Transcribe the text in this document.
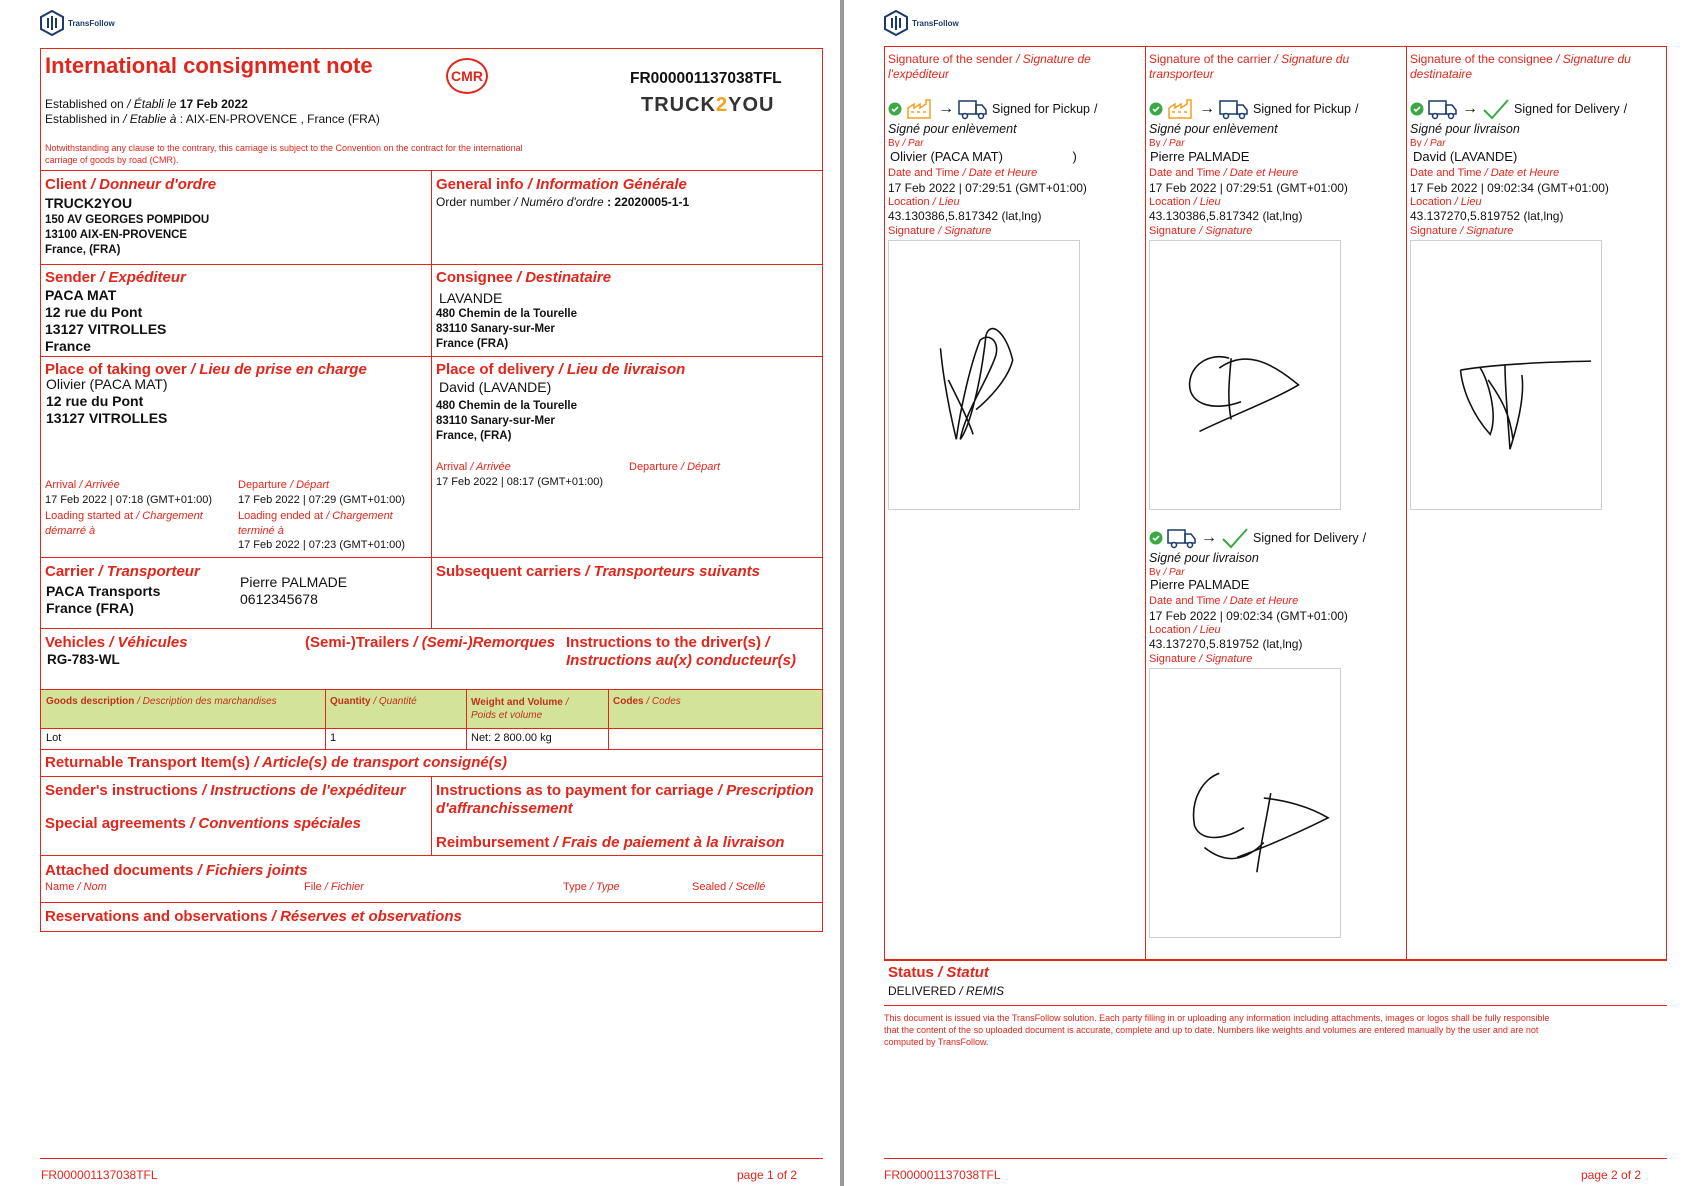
TransFollow
International consignment note	CMR	FR000001137038TFL
TRUCK2YOU
Established on / Établi le 17 Feb 2022
Established in / Etablie à : AIX-EN-PROVENCE , France (FRA)
Notwithstanding any clause to the contrary, this carriage is subject to the Convention on the contract for the international
carriage of goods by road (CMR).
Client / Donneur d'ordre
TRUCK2YOU
150 AV GEORGES POMPIDOU
13100 AIX-EN-PROVENCE
France, (FRA)
General info / Information Générale
Order number / Numéro d'ordre : 22020005-1-1
Sender / Expéditeur
PACA MAT
12 rue du Pont
13127 VITROLLES
France
Consignee / Destinataire
LAVANDE
480 Chemin de la Tourelle
83110 Sanary-sur-Mer
France (FRA)
Place of taking over / Lieu de prise en charge
Olivier (PACA MAT)
12 rue du Pont
13127 VITROLLES
Arrival / Arrivée
17 Feb 2022 | 07:18 (GMT+01:00)
Departure / Départ
17 Feb 2022 | 07:29 (GMT+01:00)
Loading started at / Chargement
démarré à
Loading ended at / Chargement
terminé à
17 Feb 2022 | 07:23 (GMT+01:00)
Place of delivery / Lieu de livraison
David (LAVANDE)
480 Chemin de la Tourelle
83110 Sanary-sur-Mer
France, (FRA)
Arrival / Arrivée
17 Feb 2022 | 08:17 (GMT+01:00)
Departure / Départ
Carrier / Transporteur
PACA Transports
France (FRA)
Pierre PALMADE
0612345678
Subsequent carriers / Transporteurs suivants
Vehicles / Véhicules
RG-783-WL
(Semi-)Trailers / (Semi-)Remorques Instructions to the driver(s) /
Instructions au(x) conducteur(s)
Goods description / Description des marchandises	Quantity / Quantité	Weight and Volume /
Poids et volume
Codes / Codes
Lot	1	Net: 2 800.00 kg
Returnable Transport Item(s) / Article(s) de transport consigné(s)
Sender's instructions / Instructions de l'expéditeur
Special agreements / Conventions spéciales
Instructions as to payment for carriage / Prescription
d'affranchissement
Reimbursement / Frais de paiement à la livraison
Attached documents / Fichiers joints
Name / Nom	File / Fichier	Type / Type	Sealed / Scellé
Reservations and observations / Réserves et observations
FR000001137038TFL	page 1 of 2
TransFollow
Signature of the sender / Signature de
l'expéditeur
→	Signed for Pickup /
Signé pour enlèvement
By / Par
Olivier (PACA MAT)	)
Date and Time / Date et Heure
17 Feb 2022 | 07:29:51 (GMT+01:00)
Location / Lieu
43.130386,5.817342 (lat,lng)
Signature / Signature
Signature of the carrier / Signature du
transporteur
→	Signed for Pickup /
Signé pour enlèvement
By / Par
Pierre PALMADE
Date and Time / Date et Heure
17 Feb 2022 | 07:29:51 (GMT+01:00)
Location / Lieu
43.130386,5.817342 (lat,lng)
Signature / Signature
→	Signed for Delivery /
Signé pour livraison
By / Par
Pierre PALMADE
Date and Time / Date et Heure
17 Feb 2022 | 09:02:34 (GMT+01:00)
Location / Lieu
43.137270,5.819752 (lat,lng)
Signature / Signature
Signature of the consignee / Signature du
destinataire
→	Signed for Delivery /
Signé pour livraison
By / Par
David (LAVANDE)
Date and Time / Date et Heure
17 Feb 2022 | 09:02:34 (GMT+01:00)
Location / Lieu
43.137270,5.819752 (lat,lng)
Signature / Signature
Status / Statut
DELIVERED / REMIS
This document is issued via the TransFollow solution. Each party filling in or uploading any information including attachments, images or logos shall be fully responsible
that the content of the so uploaded document is accurate, complete and up to date. Numbers like weights and volumes are entered manually by the user and are not
computed by TransFollow.
FR000001137038TFL	page 2 of 2
